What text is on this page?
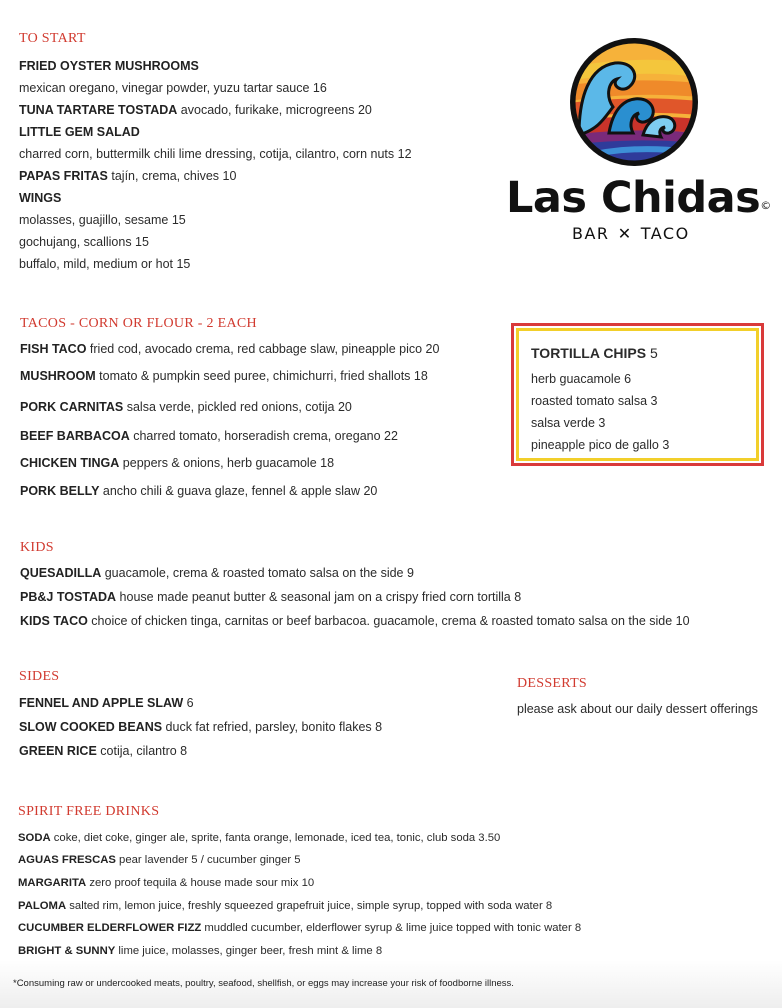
TO START
FRIED OYSTER MUSHROOMS
mexican oregano, vinegar powder, yuzu tartar sauce 16
TUNA TARTARE TOSTADA avocado, furikake, microgreens 20
LITTLE GEM SALAD
charred corn, buttermilk chili lime dressing, cotija, cilantro, corn nuts 12
PAPAS FRITAS tajín, crema, chives 10
WINGS
molasses, guajillo, sesame 15
gochujang, scallions 15
buffalo, mild, medium or hot 15
Las Chidas©
BAR ✕ TACO
TACOS - CORN OR FLOUR - 2 EACH
FISH TACO fried cod, avocado crema, red cabbage slaw, pineapple pico 20
MUSHROOM tomato & pumpkin seed puree, chimichurri, fried shallots 18
PORK CARNITAS salsa verde, pickled red onions, cotija 20
BEEF BARBACOA charred tomato, horseradish crema, oregano 22
CHICKEN TINGA peppers & onions, herb guacamole 18
PORK BELLY ancho chili & guava glaze, fennel & apple slaw 20
TORTILLA CHIPS 5
herb guacamole 6
roasted tomato salsa 3
salsa verde 3
pineapple pico de gallo 3
KIDS
QUESADILLA guacamole, crema & roasted tomato salsa on the side 9
PB&J TOSTADA house made peanut butter & seasonal jam on a crispy fried corn tortilla 8
KIDS TACO choice of chicken tinga, carnitas or beef barbacoa. guacamole, crema & roasted tomato salsa on the side 10
SIDES
FENNEL AND APPLE SLAW 6
SLOW COOKED BEANS duck fat refried, parsley, bonito flakes 8
GREEN RICE cotija, cilantro 8
DESSERTS
please ask about our daily dessert offerings
SPIRIT FREE DRINKS
SODA coke, diet coke, ginger ale, sprite, fanta orange, lemonade, iced tea, tonic, club soda 3.50
AGUAS FRESCAS pear lavender 5 / cucumber ginger 5
MARGARITA zero proof tequila & house made sour mix 10
PALOMA salted rim, lemon juice, freshly squeezed grapefruit juice, simple syrup, topped with soda water 8
CUCUMBER ELDERFLOWER FIZZ muddled cucumber, elderflower syrup & lime juice topped with tonic water 8
BRIGHT & SUNNY lime juice, molasses, ginger beer, fresh mint & lime 8
*Consuming raw or undercooked meats, poultry, seafood, shellfish, or eggs may increase your risk of foodborne illness.
